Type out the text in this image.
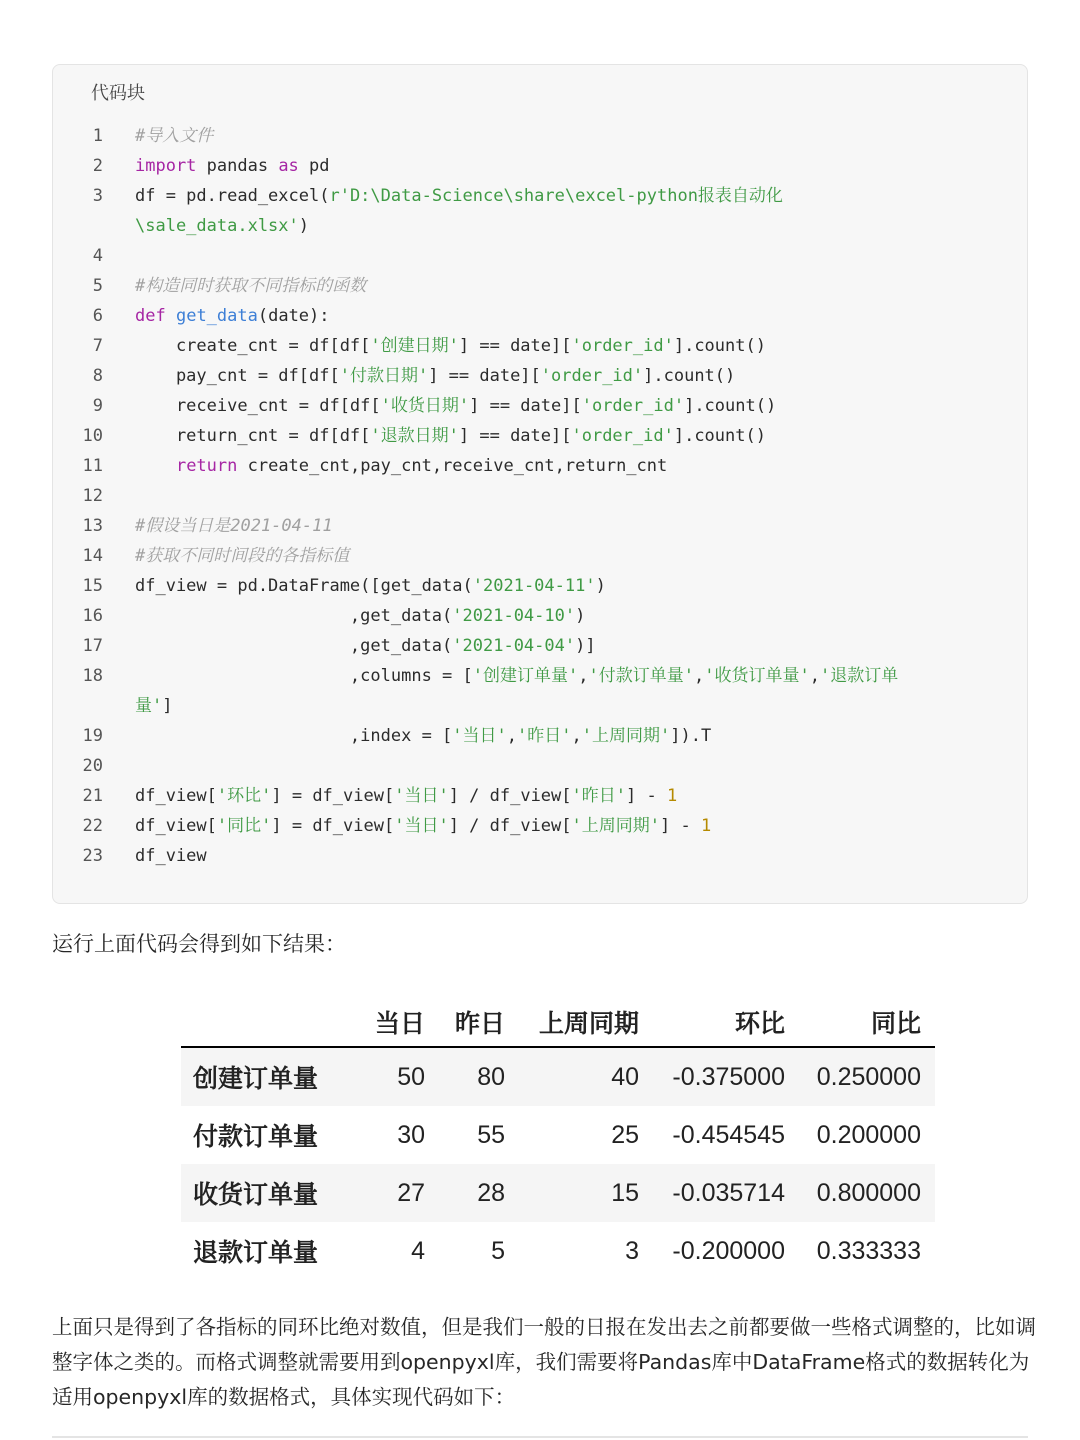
代码块
1 #导入文件
2 import pandas as pd
3 df = pd.read_excel(r'D:\Data-Science\share\excel-python报表自动化
\sale_data.xlsx')
4
5 #构造同时获取不同指标的函数
6 def get_data(date):
7 create_cnt = df[df['创建日期'] == date]['order_id'].count()
8 pay_cnt = df[df['付款日期'] == date]['order_id'].count()
9 receive_cnt = df[df['收货日期'] == date]['order_id'].count()
10 return_cnt = df[df['退款日期'] == date]['order_id'].count()
11	return create_cnt,pay_cnt,receive_cnt,return_cnt
12
13 #假设当日是2021-04-11
14 #获取不同时间段的各指标值
15 df_view = pd.DataFrame([get_data('2021-04-11')
16 ,get_data('2021-04-10')
17 ,get_data('2021-04-04')]
18 ,columns = ['创建订单量','付款订单量','收货订单量','退款订单
量']
19 ,index = ['当日','昨日','上周同期']).T
20
21 df_view['环比'] = df_view['当日'] / df_view['昨日'] - 1
22 df_view['同比'] = df_view['当日'] / df_view['上周同期'] - 1
23 df_view
运行上面代码会得到如下结果：
	当日	昨日	上周同期	环比	同比
创建订单量	50	80	40	-0.375000	0.250000
付款订单量	30	55	25	-0.454545	0.200000
收货订单量	27	28	15	-0.035714	0.800000
退款订单量	4	5	3	-0.200000	0.333333
上面只是得到了各指标的同环比绝对数值，但是我们一般的日报在发出去之前都要做一些格式调整的，比如调整字体之类的。而格式调整就需要用到openpyxl库，我们需要将Pandas库中DataFrame格式的数据转化为适用openpyxl库的数据格式，具体实现代码如下：
